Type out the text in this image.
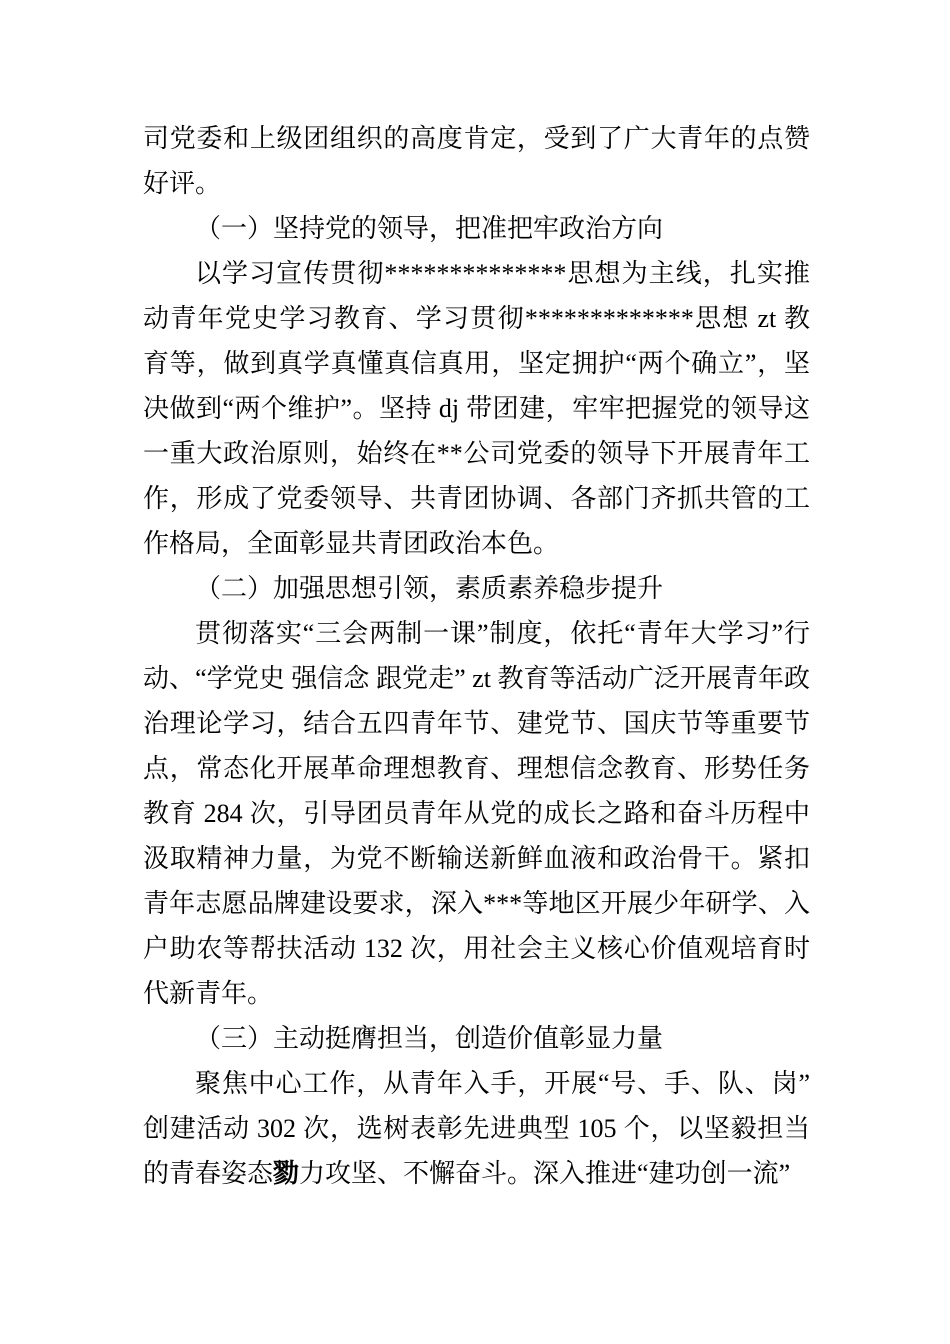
司党委和上级团组织的高度肯定，受到了广大青年的点赞好评。

（一）坚持党的领导，把准把牢政治方向

以学习宣传贯彻**************思想为主线，扎实推动青年党史学习教育、学习贯彻*************思想 zt 教育等，做到真学真懂真信真用，坚定拥护“两个确立”，坚决做到“两个维护”。坚持 dj 带团建，牢牢把握党的领导这一重大政治原则，始终在**公司党委的领导下开展青年工作，形成了党委领导、共青团协调、各部门齐抓共管的工作格局，全面彰显共青团政治本色。

（二）加强思想引领，素质素养稳步提升

贯彻落实“三会两制一课”制度，依托“青年大学习”行动、“学党史 强信念 跟党走” zt 教育等活动广泛开展青年政治理论学习，结合五四青年节、建党节、国庆节等重要节点，常态化开展革命理想教育、理想信念教育、形势任务教育 284 次，引导团员青年从党的成长之路和奋斗历程中汲取精神力量，为党不断输送新鲜血液和政治骨干。紧扣青年志愿品牌建设要求，深入***等地区开展少年研学、入户助农等帮扶活动 132 次，用社会主义核心价值观培育时代新青年。

（三）主动挺膺担当，创造价值彰显力量

聚焦中心工作，从青年入手，开展“号、手、队、岗”创建活动 302 次，选树表彰先进典型 105 个，以坚毅担当的青春姿态勠力攻坚、不懈奋斗。深入推进“建功创一流”
